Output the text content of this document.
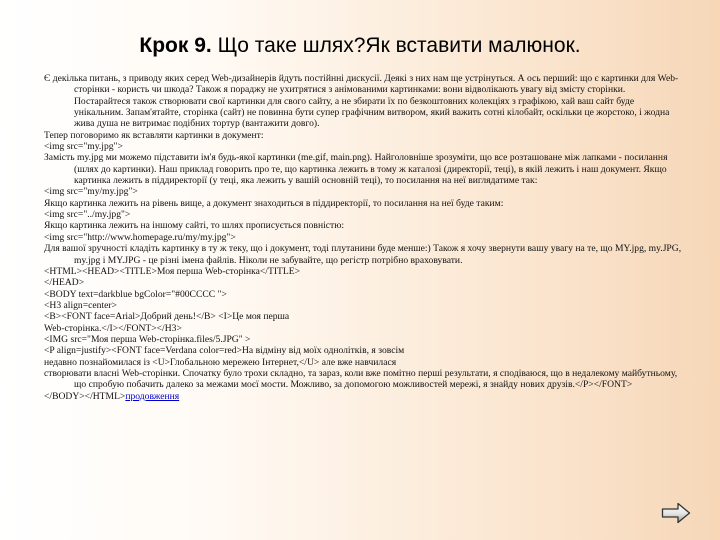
Крок 9. Що таке шлях?Як вставити малюнок.

Є декілька питань, з приводу яких серед Web-дизайнерів йдуть постійнні дискусії. Деякі з них нам ще устрінуться. А ось перший: що є картинки для Web-сторінки - користь чи шкода? Також я пораджу не ухитрятися з анімованими картинками: вони відволікають увагу від змісту сторінки. Постарайтеся також створювати свої картинки для свого сайту, а не збирати їх по безкоштовних колекціях з графікою, хай ваш сайт буде унікальним. Запам'ятайте, сторінка (сайт) не повинна бути супер графічним витвором, який важить сотні кілобайт, оскільки це жорстоко, і жодна жива душа не витримає подібних тортур (вантажити довго).

Тепер поговоримо як вставляти картинки в документ:

<img src="my.jpg">

Замість my.jpg ми можемо підставити ім'я будь-якої картинки (me.gif, main.png). Найголовніше зрозуміти, що все розташоване між лапками - посилання (шлях до картинки). Наш приклад говорить про те, що картинка лежить в тому ж каталозі (директорії, теці), в якій лежить і наш документ. Якщо картинка лежить в піддиректорії (у теці, яка лежить у вашій основній теці), то посилання на неї виглядатиме так:

<img src="my/my.jpg">

Якщо картинка лежить на рівень вище, а документ знаходиться в піддиректорії, то посилання на неї буде таким:

<img src="../my.jpg">

Якщо картинка лежить на іншому сайті, то шлях прописується повністю:

<img src="http://www.homepage.ru/my/my.jpg">

Для вашої зручності кладіть картинку в ту ж теку, що і документ, тоді плутанини буде менше:) Також я хочу звернути вашу увагу на те, що MY.jpg, my.JPG, my.jpg і MY.JPG - це різні імена файлів. Ніколи не забувайте, що регістр потрібно враховувати.

<HTML><HEAD><TITLE>Моя перша Web-сторінка</TITLE>

</HEAD>

<BODY text=darkblue bgColor="#00CCCC ">

<H3 align=center>

<B><FONT face=Arial>Добрий день!</B> <I>Це моя перша

Web-сторінка.</I></FONT></H3>

<IMG src="Моя перша Web-сторінка.files/5.JPG" >

<P align=justify><FONT face=Verdana color=red>На відміну від моїх однолітків, я зовсім

недавно познайомилася із <U>Глобальною мережею Інтернет,</U> але вже навчилася

створювати власні Web-сторінки. Спочатку було трохи складно, та зараз, коли вже помітно перші результати, я сподіваюся, що в недалекому майбутньому, що спробую побачить далеко за межами моєї мости. Можливо, за допомогою можливостей мережі, я знайду нових друзів.</P></FONT>

</BODY></HTML>продовження
